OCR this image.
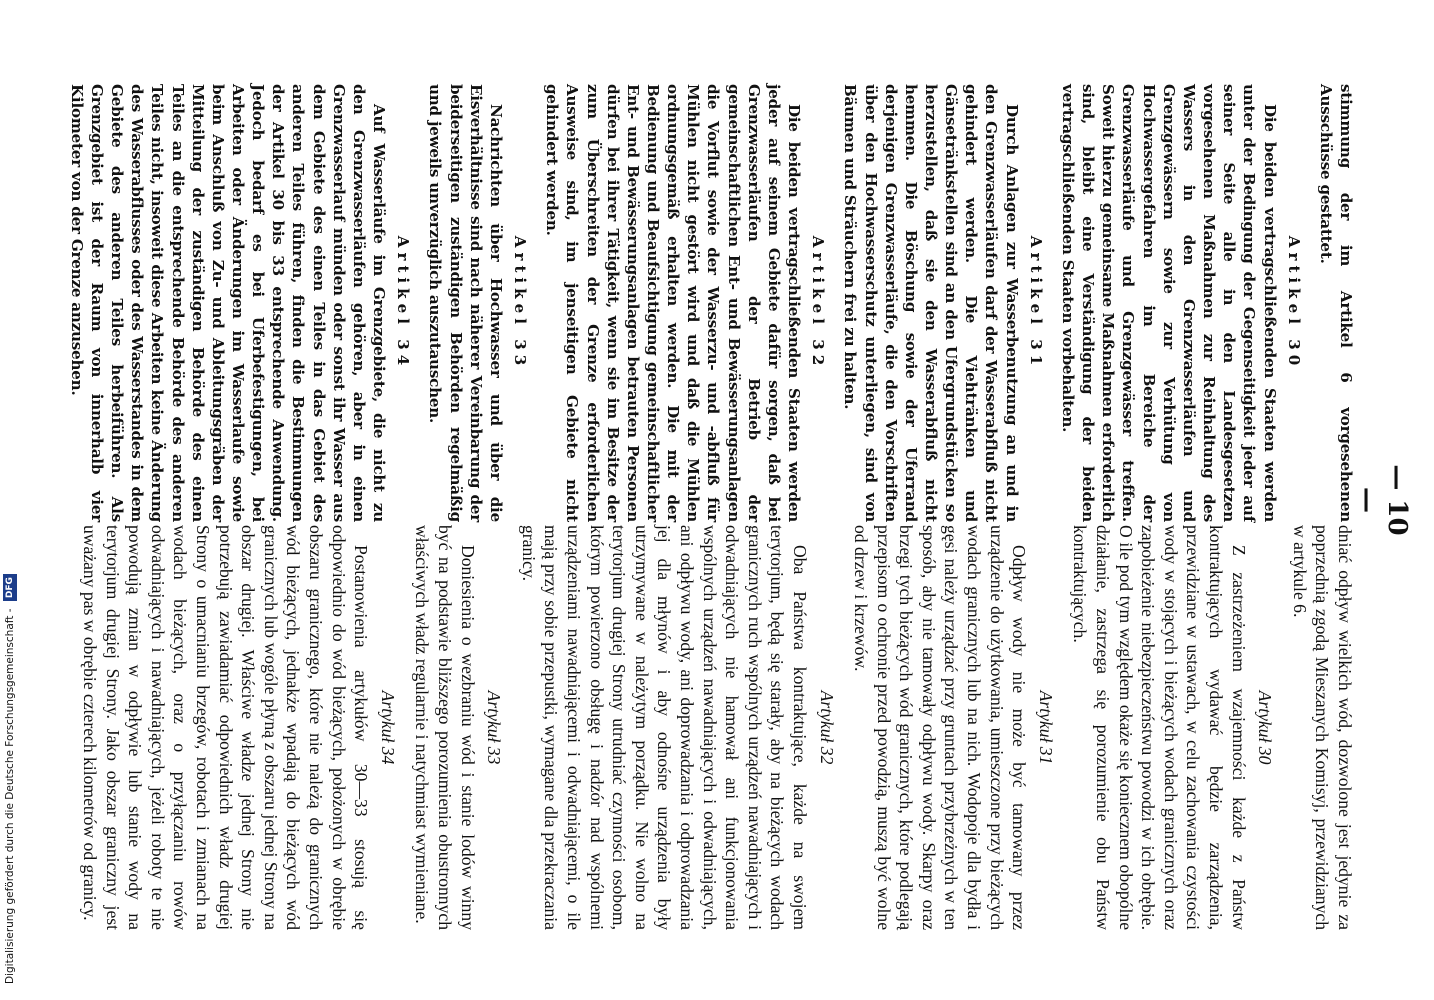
— 10 —

stimmung der im Artikel 6 vorgesehenen Ausschüsse gestattet.

Artikel 30

Die beiden vertragschließenden Staaten werden unter der Bedingung der Gegenseitigkeit jeder auf seiner Seite alle in den Landesgesetzen vorgesehenen Maßnahmen zur Reinhaltung des Wassers in den Grenzwasserläufen und Grenzgewässern sowie zur Verhütung von Hochwassergefahren im Bereiche der Grenzwasserläufe und Grenzgewässer treffen. Soweit hierzu gemeinsame Maßnahmen erforderlich sind, bleibt eine Verständigung der beiden vertragschließenden Staaten vorbehalten.

Artikel 31

Durch Anlagen zur Wasserbenutzung an und in den Grenzwasserläufen darf der Wasserabfluß nicht gehindert werden. Die Viehtränken und Gänsetränkstellen sind an den Ufergrundstücken so herzustellen, daß sie den Wasserabfluß nicht hemmen. Die Böschung sowie der Uferrand derjenigen Grenzwasserläufe, die den Vorschriften über den Hochwasserschutz unterliegen, sind von Bäumen und Sträuchern frei zu halten.

Artikel 32

Die beiden vertragschließenden Staaten werden jeder auf seinem Gebiete dafür sorgen, daß bei Grenzwasserläufen der Betrieb der gemeinschaftlichen Ent- und Bewässerungsanlagen die Vorflut sowie der Wasserzu- und -abfluß für Mühlen nicht gestört wird und daß die Mühlen ordnungsgemäß erhalten werden. Die mit der Bedienung und Beaufsichtigung gemeinschaftlicher Ent- und Bewässerungsanlagen betrauten Personen dürfen bei ihrer Tätigkeit, wenn sie im Besitze der zum Überschreiten der Grenze erforderlichen Ausweise sind, im jenseitigen Gebiete nicht gehindert werden.

Artikel 33

Nachrichten über Hochwasser und über die Eisverhältnisse sind nach näherer Vereinbarung der beiderseitigen zuständigen Behörden regelmäßig und jeweils unverzüglich auszutauschen.

Artikel 34

Auf Wasserläufe im Grenzgebiete, die nicht zu den Grenzwasserläufen gehören, aber in einen Grenzwasserlauf münden oder sonst ihr Wasser aus dem Gebiete des einen Teiles in das Gebiet des anderen Teiles führen, finden die Bestimmungen der Artikel 30 bis 33 entsprechende Anwendung. Jedoch bedarf es bei Uferbefestigungen, bei Arbeiten oder Änderungen im Wasserlaufe sowie beim Anschluß von Zu- und Ableitungsgräben der Mitteilung der zuständigen Behörde des einen Teiles an die entsprechende Behörde des anderen Teiles nicht, insoweit diese Arbeiten keine Änderung des Wasserabflusses oder des Wasserstandes in dem Gebiete des anderen Teiles herbeiführen. Als Grenzgebiet ist der Raum von innerhalb vier Kilometer von der Grenze anzusehen.

dniać odpływ wielkich wód, dozwolone jest jedynie za poprzednią zgodą Mieszanych Komisyj, przewidzianych w artykule 6.

Artykuł 30

Z zastrzeżeniem wzajemności każde z Państw kontraktujących wydawać będzie zarządzenia, przewidziane w ustawach, w celu zachowania czystości wody w stojących i bieżących wodach granicznych oraz zapobieżenie niebezpieczeństwu powodzi w ich obrębie. O ile pod tym względem okaże się koniecznem obopólne działanie, zastrzega się porozumienie obu Państw kontraktujących.

Artykuł 31

Odpływ wody nie może być tamowany przez urządzenie do użytkowania, umieszczone przy bieżących wodach granicznych lub na nich. Wodopoje dla bydła i gęsi należy urządzać przy gruntach przybrzeżnych w ten sposób, aby nie tamowały odpływu wody. Skarpy oraz brzegi tych bieżących wód granicznych, które podlegają przepisom o ochronie przed powodzią, muszą być wolne od drzew i krzewów.

Artykuł 32

Oba Państwa kontraktujące, każde na swojem terytorjum, będą się starały, aby na bieżących wodach granicznych ruch wspólnych urządzeń nawadniających i odwadniających nie hamował ani funkcjonowania wspólnych urządzeń nawadniających i odwadniających, ani odpływu wody, ani doprowadzania i odprowadzania jej dla młynów i aby odnośne urządzenia były utrzymywane w należytym porządku. Nie wolno na terytorjum drugiej Strony utrudniać czynności osobom, którym powierzono obsługę i nadzór nad wspólnemi urządzeniami nawadniającemi i odwadniającemi, o ile mają przy sobie przepustki, wymagane dla przekraczania granicy.

Artykuł 33

Doniesienia o wezbraniu wód i stanie lodów winny być na podstawie bliższego porozumienia obustronnych właściwych władz regularnie i natychmiast wymieniane.

Artykuł 34

Postanowienia artykułów 30—33 stosują się odpowiednio do wód bieżących, położonych w obrębie obszaru granicznego, które nie należą do granicznych wód bieżących, jednakże wpadają do bieżących wód granicznych lub wogóle płyną z obszaru jednej Strony na obszar drugiej. Właściwe władze jednej Strony nie potrzebują zawiadamiać odpowiednich władz drugiej Strony o umacnianiu brzegów, robotach i zmianach na wodach bieżących, oraz o przyłączaniu rowów odwadniających i nawadniających, jeżeli roboty te nie powodują zmian w odpływie lub stanie wody na terytorjum drugiej Strony. Jako obszar graniczny jest uważany pas w obrębie czterech kilometrów od granicy.

Digitalisierung gefördert durch die Deutsche Forschungsgemeinschaft - DFG
